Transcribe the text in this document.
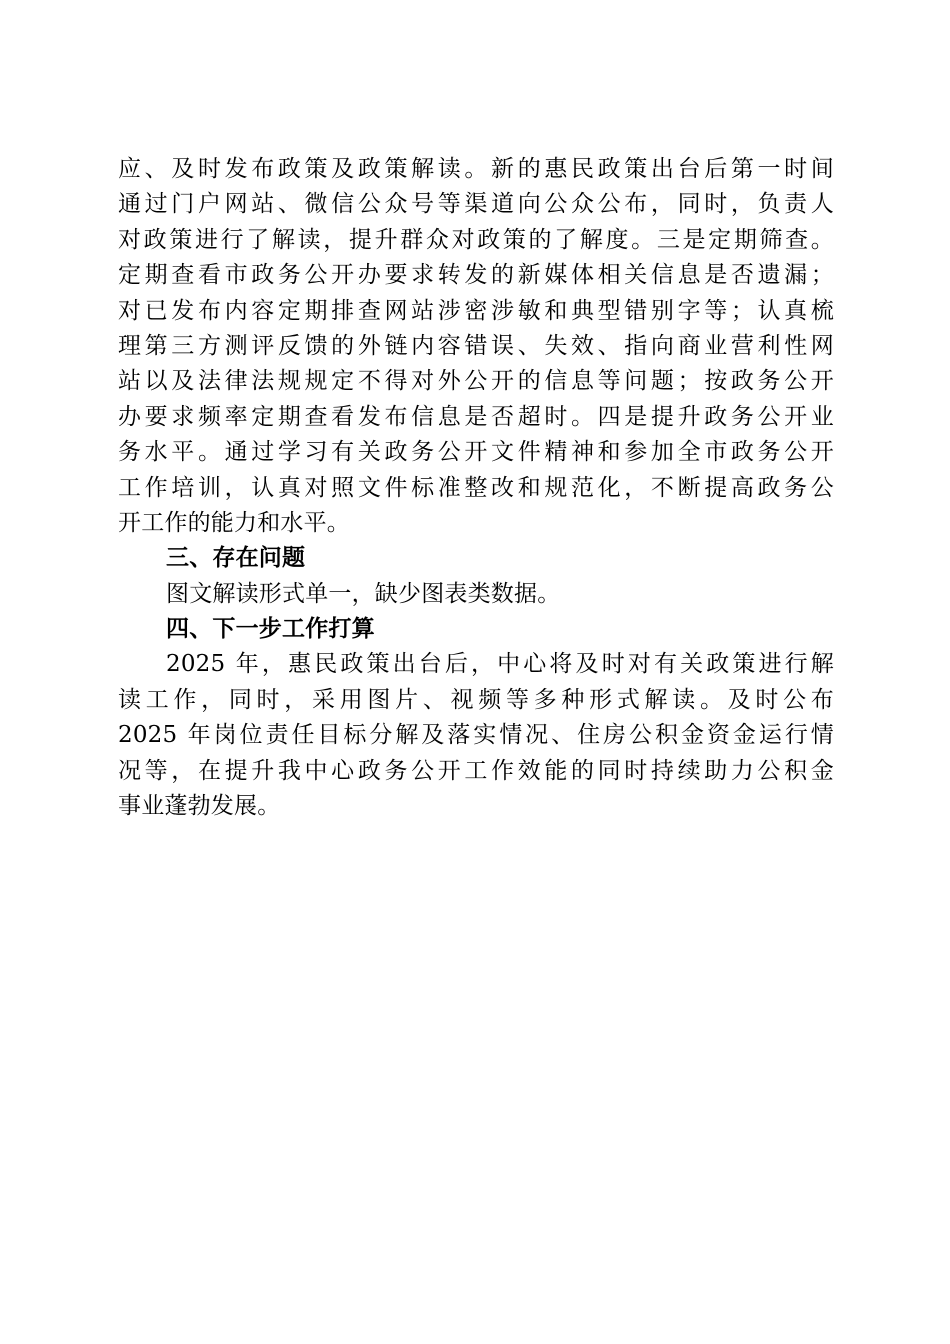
应、及时发布政策及政策解读。新的惠民政策出台后第一时间
通过门户网站、微信公众号等渠道向公众公布，同时，负责人
对政策进行了解读，提升群众对政策的了解度。三是定期筛查。
定期查看市政务公开办要求转发的新媒体相关信息是否遗漏；
对已发布内容定期排查网站涉密涉敏和典型错别字等；认真梳
理第三方测评反馈的外链内容错误、失效、指向商业营利性网
站以及法律法规规定不得对外公开的信息等问题；按政务公开
办要求频率定期查看发布信息是否超时。四是提升政务公开业
务水平。通过学习有关政务公开文件精神和参加全市政务公开
工作培训，认真对照文件标准整改和规范化，不断提高政务公
开工作的能力和水平。
三、存在问题
图文解读形式单一，缺少图表类数据。
四、下一步工作打算
2025 年，惠民政策出台后，中心将及时对有关政策进行解
读工作，同时，采用图片、视频等多种形式解读。及时公布
2025 年岗位责任目标分解及落实情况、住房公积金资金运行情
况等，在提升我中心政务公开工作效能的同时持续助力公积金
事业蓬勃发展。
